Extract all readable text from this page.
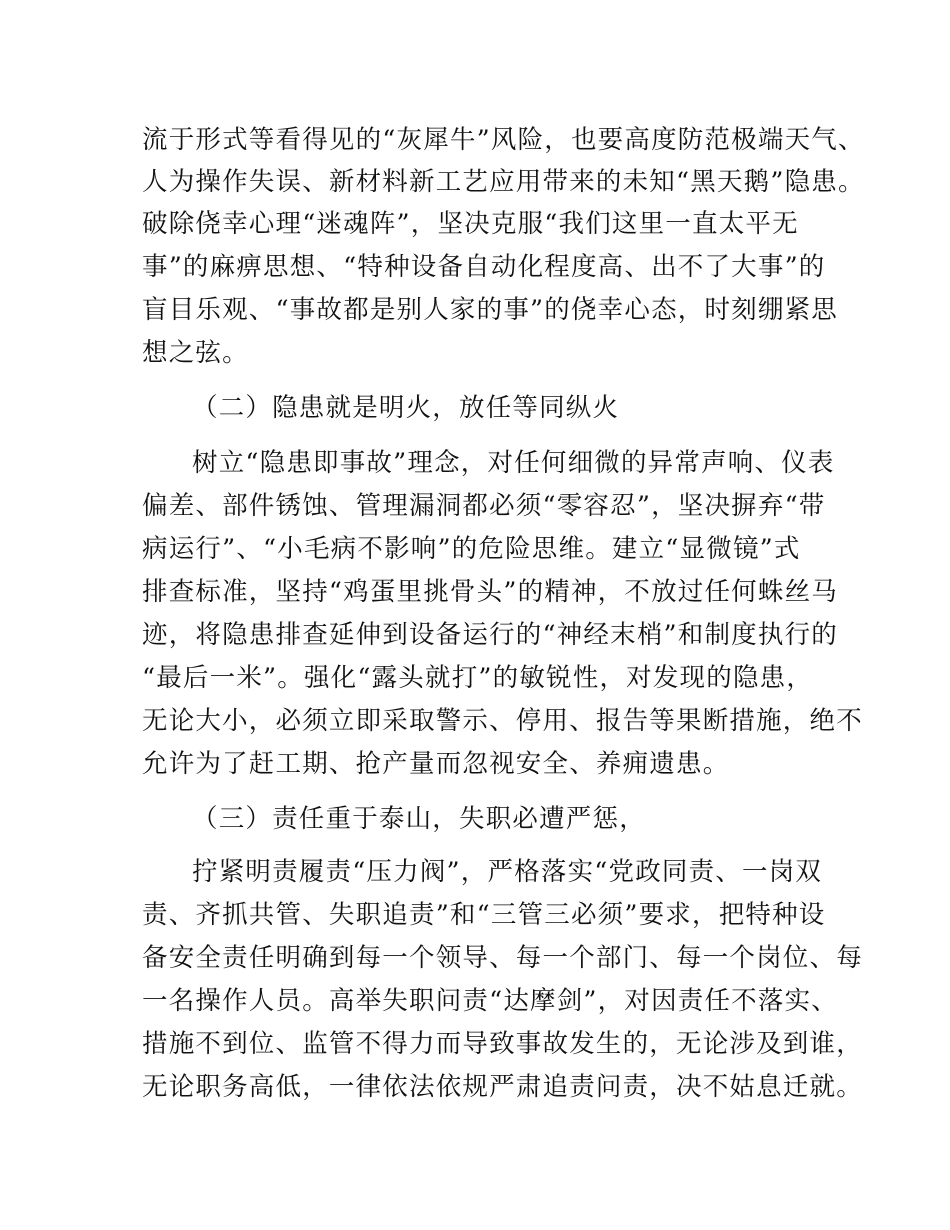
流于形式等看得见的“灰犀牛”风险，也要高度防范极端天气、
人为操作失误、新材料新工艺应用带来的未知“黑天鹅”隐患。
破除侥幸心理“迷魂阵”，坚决克服“我们这里一直太平无
事”的麻痹思想、“特种设备自动化程度高、出不了大事”的
盲目乐观、“事故都是别人家的事”的侥幸心态，时刻绷紧思
想之弦。
（二）隐患就是明火，放任等同纵火
树立“隐患即事故”理念，对任何细微的异常声响、仪表
偏差、部件锈蚀、管理漏洞都必须“零容忍”，坚决摒弃“带
病运行”、“小毛病不影响”的危险思维。建立“显微镜”式
排查标准，坚持“鸡蛋里挑骨头”的精神，不放过任何蛛丝马
迹，将隐患排查延伸到设备运行的“神经末梢”和制度执行的
“最后一米”。强化“露头就打”的敏锐性，对发现的隐患，
无论大小，必须立即采取警示、停用、报告等果断措施，绝不
允许为了赶工期、抢产量而忽视安全、养痈遗患。
（三）责任重于泰山，失职必遭严惩，
拧紧明责履责“压力阀”，严格落实“党政同责、一岗双
责、齐抓共管、失职追责”和“三管三必须”要求，把特种设
备安全责任明确到每一个领导、每一个部门、每一个岗位、每
一名操作人员。高举失职问责“达摩剑”，对因责任不落实、
措施不到位、监管不得力而导致事故发生的，无论涉及到谁，
无论职务高低，一律依法依规严肃追责问责，决不姑息迁就。
